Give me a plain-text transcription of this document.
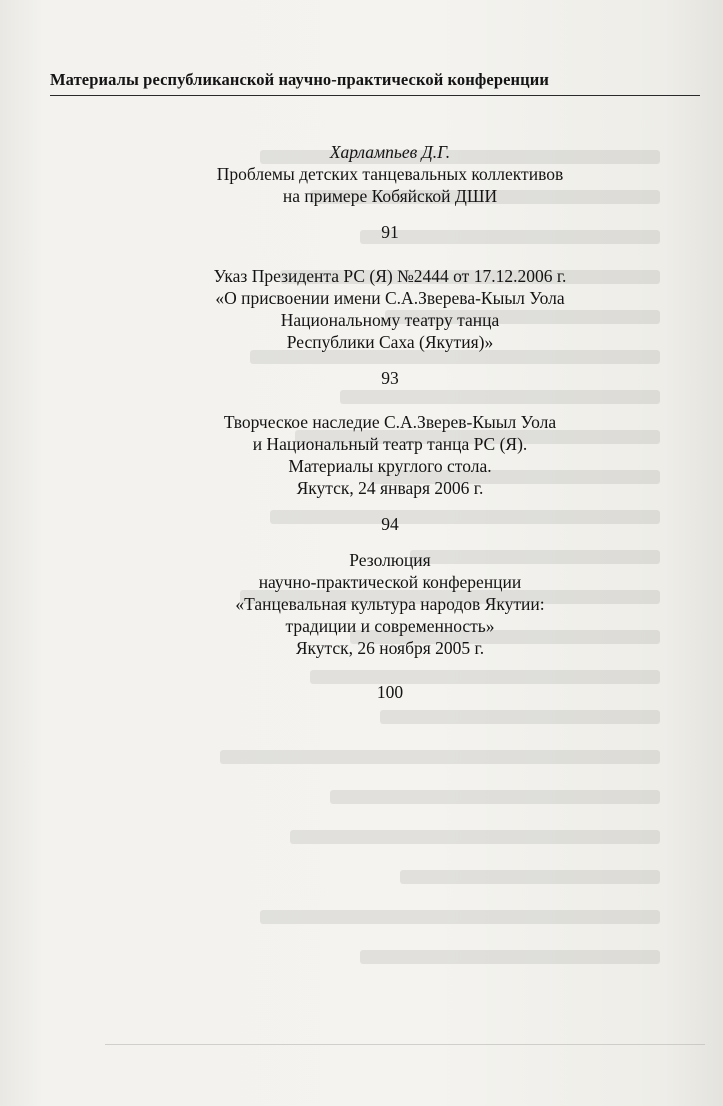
Материалы республиканской научно-практической конференции

Харлампьев Д.Г.

Проблемы детских танцевальных коллективов

на примере Кобяйской ДШИ

91

Указ Президента РС (Я) №2444 от 17.12.2006 г.

«О присвоении имени С.А.Зверева-Кыыл Уола

Национальному театру танца

Республики Саха (Якутия)»

93

Творческое наследие С.А.Зверев-Кыыл Уола

и Национальный театр танца РС (Я).

Материалы круглого стола.

Якутск, 24 января 2006 г.

94

Резолюция

научно-практической конференции

«Танцевальная культура народов Якутии:

традиции и современность»

Якутск, 26 ноября 2005 г.

100
